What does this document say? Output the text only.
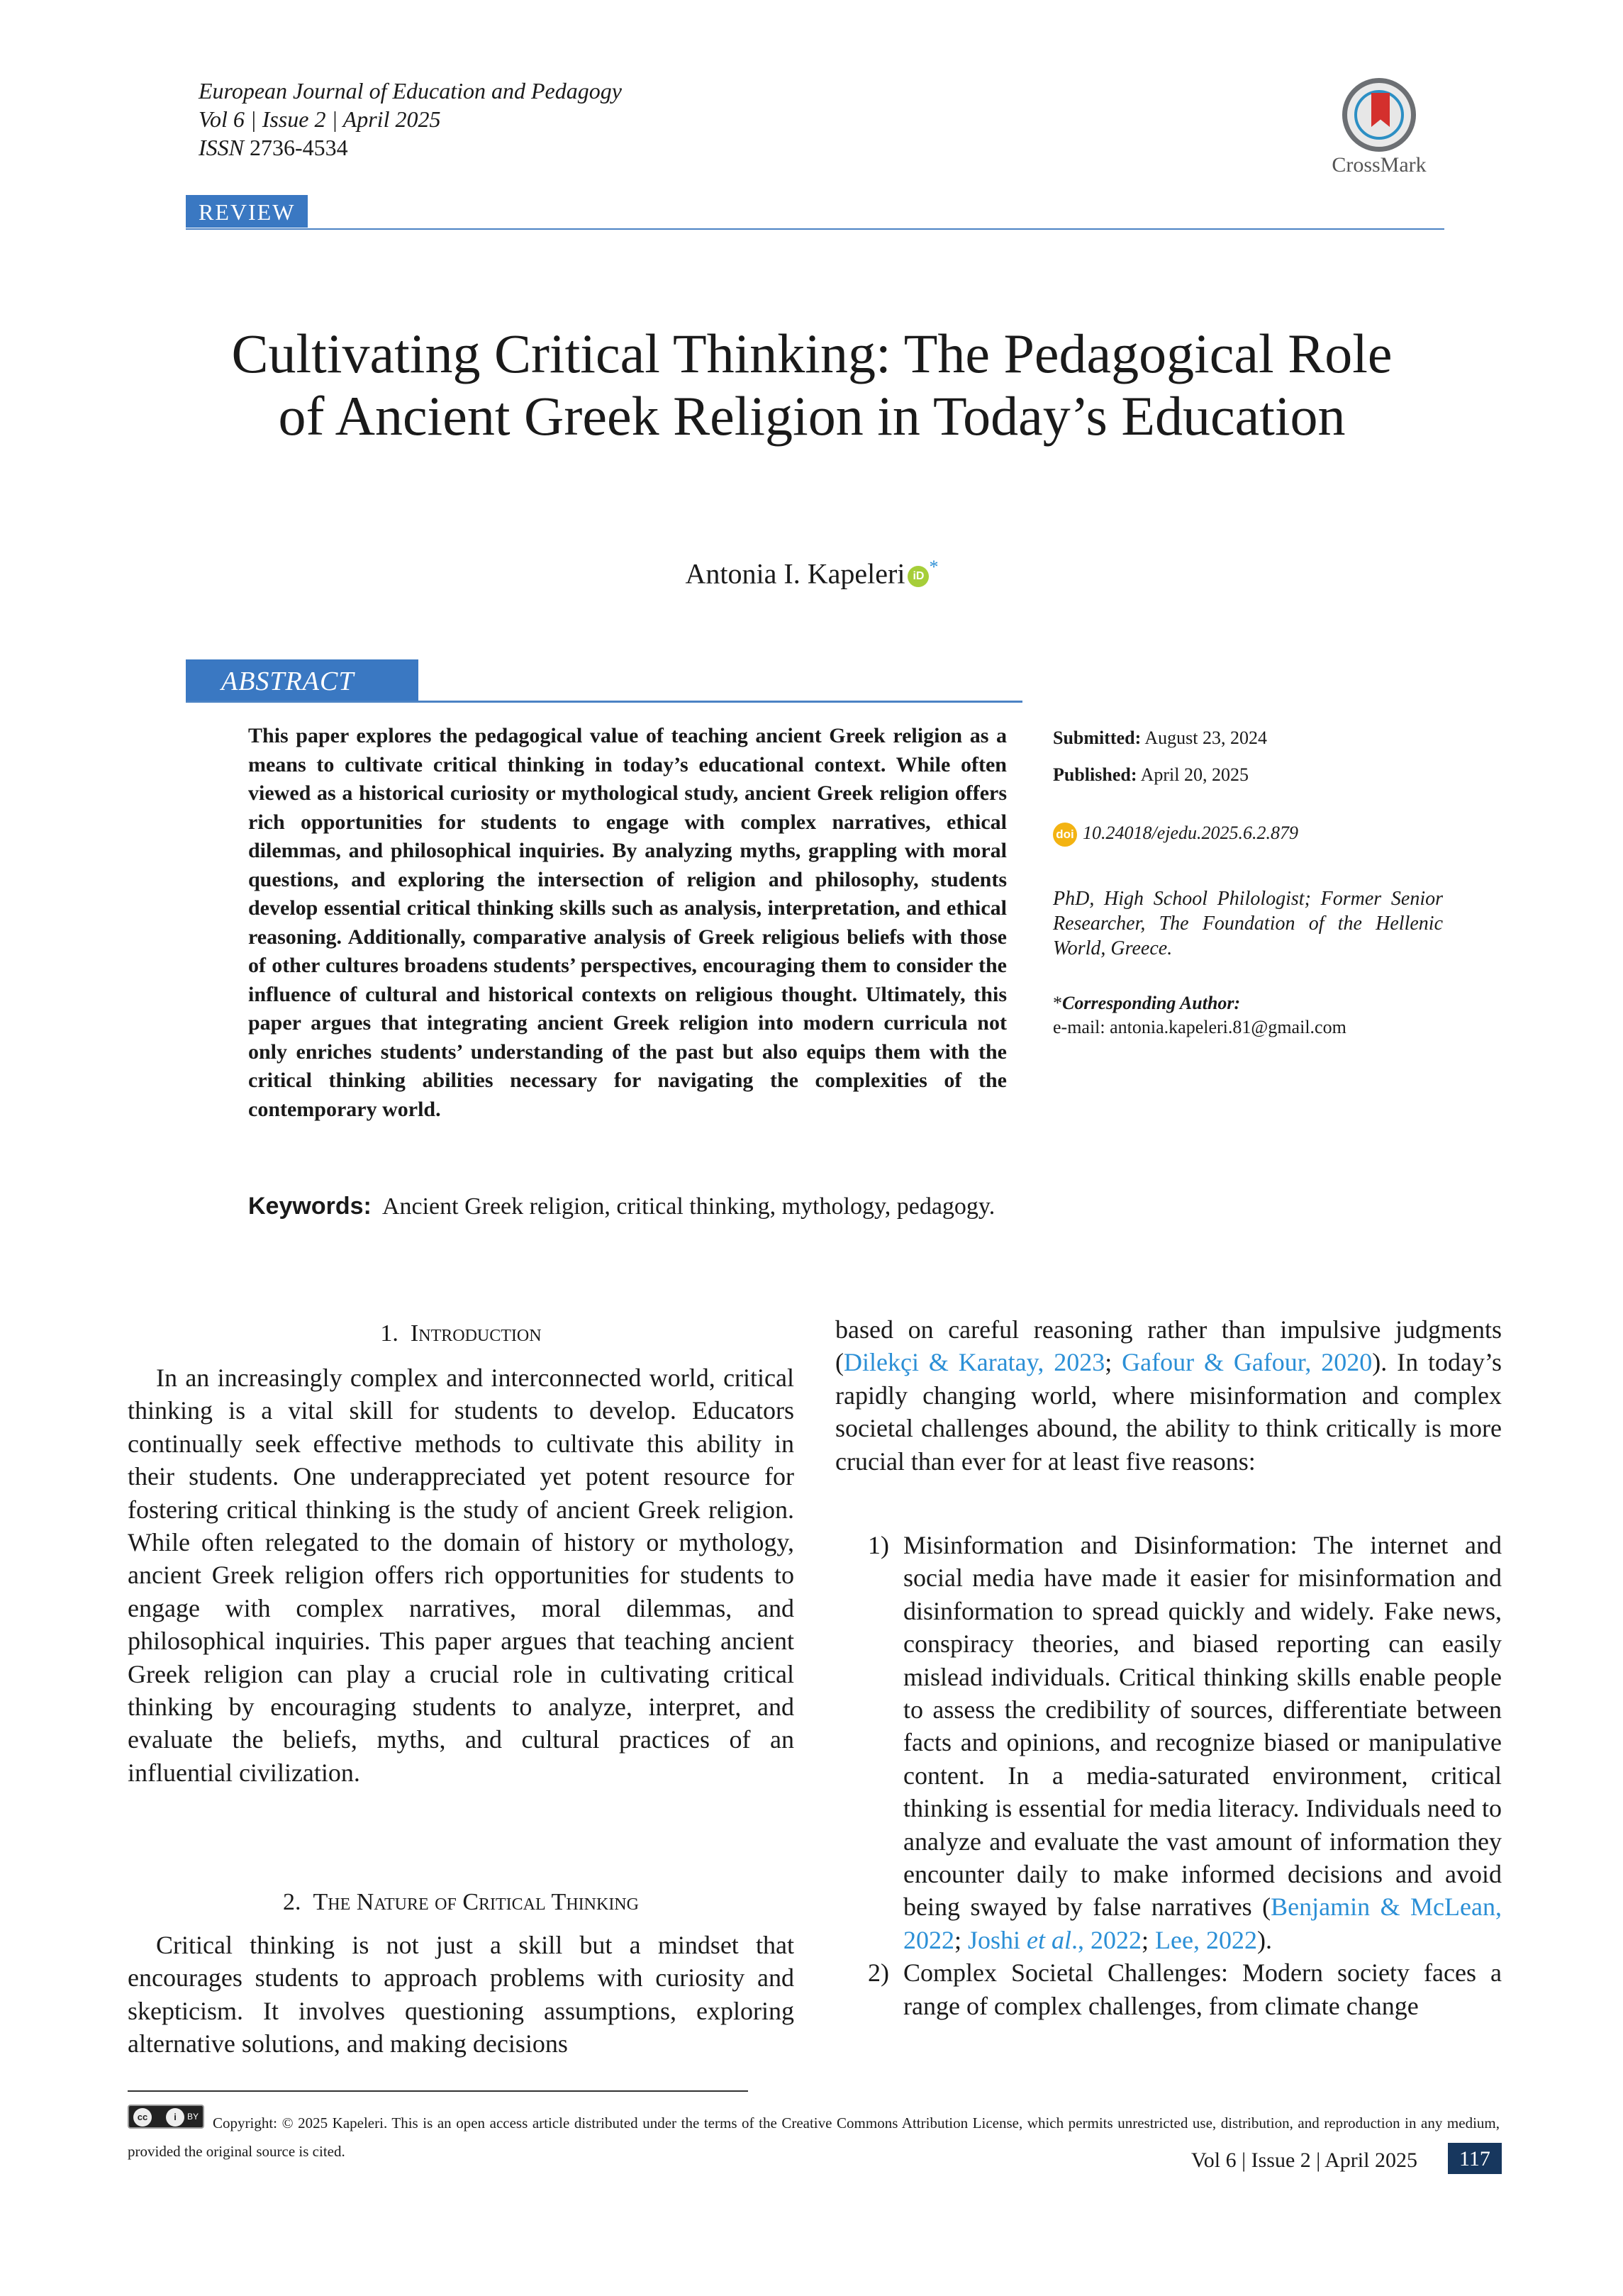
European Journal of Education and Pedagogy
Vol 6 | Issue 2 | April 2025
ISSN 2736-4534
CrossMark
REVIEW
Cultivating Critical Thinking: The Pedagogical Role of Ancient Greek Religion in Today’s Education
Antonia I. Kapeleri iD *
ABSTRACT
This paper explores the pedagogical value of teaching ancient Greek religion as a means to cultivate critical thinking in today’s educational context. While often viewed as a historical curiosity or mythological study, ancient Greek religion offers rich opportunities for students to engage with complex narratives, ethical dilemmas, and philosophical inquiries. By analyzing myths, grappling with moral questions, and exploring the intersection of religion and philosophy, students develop essential critical thinking skills such as analysis, interpretation, and ethical reasoning. Additionally, comparative analysis of Greek religious beliefs with those of other cultures broadens students’ perspectives, encouraging them to consider the influence of cultural and historical contexts on religious thought. Ultimately, this paper argues that integrating ancient Greek religion into modern curricula not only enriches students’ understanding of the past but also equips them with the critical thinking abilities necessary for navigating the complexities of the contemporary world.
Keywords: Ancient Greek religion, critical thinking, mythology, pedagogy.
Submitted: August 23, 2024
Published: April 20, 2025
doi 10.24018/ejedu.2025.6.2.879
PhD, High School Philologist; Former Senior Researcher, The Foundation of the Hellenic World, Greece.
*Corresponding Author:
e-mail: antonia.kapeleri.81@gmail.com
1. Introduction
In an increasingly complex and interconnected world, critical thinking is a vital skill for students to develop. Educators continually seek effective methods to cultivate this ability in their students. One underappreciated yet potent resource for fostering critical thinking is the study of ancient Greek religion. While often relegated to the domain of history or mythology, ancient Greek religion offers rich opportunities for students to engage with complex narratives, moral dilemmas, and philosophical inquiries. This paper argues that teaching ancient Greek religion can play a crucial role in cultivating critical thinking by encouraging students to analyze, interpret, and evaluate the beliefs, myths, and cultural practices of an influential civilization.
2. The Nature of Critical Thinking
Critical thinking is not just a skill but a mindset that encourages students to approach problems with curiosity and skepticism. It involves questioning assumptions, exploring alternative solutions, and making decisions
based on careful reasoning rather than impulsive judgments (Dilekçi & Karatay, 2023; Gafour & Gafour, 2020). In today’s rapidly changing world, where misinformation and complex societal challenges abound, the ability to think critically is more crucial than ever for at least five reasons:
1) Misinformation and Disinformation: The internet and social media have made it easier for misinformation and disinformation to spread quickly and widely. Fake news, conspiracy theories, and biased reporting can easily mislead individuals. Critical thinking skills enable people to assess the credibility of sources, differentiate between facts and opinions, and recognize biased or manipulative content. In a media-saturated environment, critical thinking is essential for media literacy. Individuals need to analyze and evaluate the vast amount of information they encounter daily to make informed decisions and avoid being swayed by false narratives (Benjamin & McLean, 2022; Joshi et al., 2022; Lee, 2022).
2) Complex Societal Challenges: Modern society faces a range of complex challenges, from climate change
cc	i	BY Copyright: © 2025 Kapeleri. This is an open access article distributed under the terms of the Creative Commons Attribution License, which permits unrestricted use, distribution, and reproduction in any medium, provided the original source is cited.	Vol 6 | Issue 2 | April 2025	117
